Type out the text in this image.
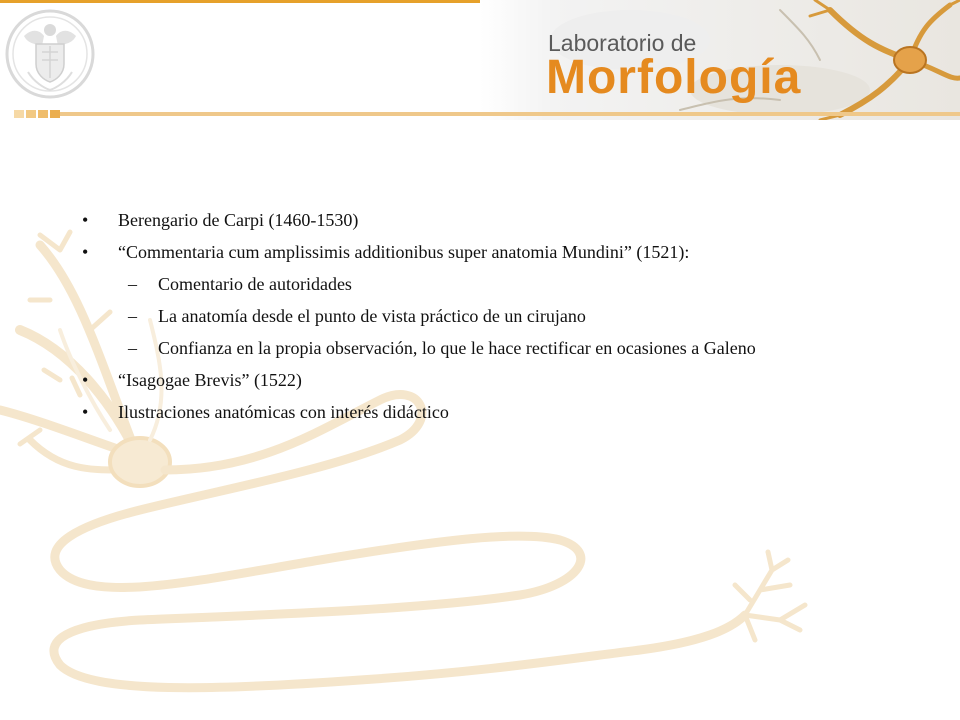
Laboratorio de
Morfología
• Berengario de Carpi (1460-1530)
• “Commentaria cum amplissimis additionibus super anatomia Mundini” (1521):
– Comentario de autoridades
– La anatomía desde el punto de vista práctico de un cirujano
– Confianza en la propia observación, lo que le hace rectificar en ocasiones a Galeno
• “Isagogae Brevis” (1522)
• Ilustraciones anatómicas con interés didáctico
